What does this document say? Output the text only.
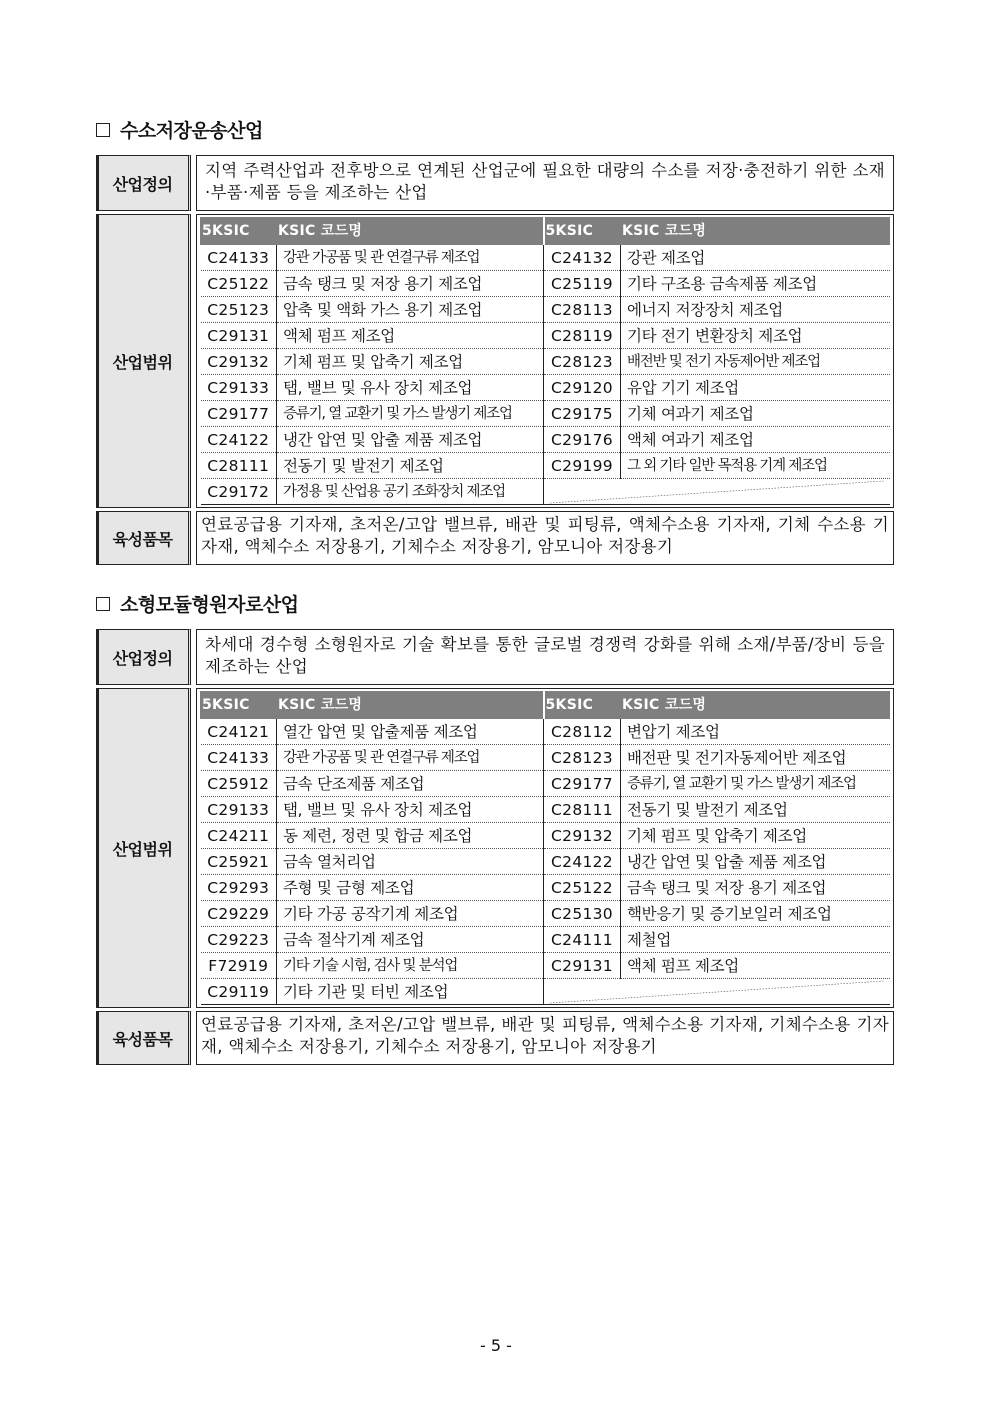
수소저장운송산업
산업정의
지역 주력산업과 전후방으로 연계된 산업군에 필요한 대량의 수소를 저장·충전하기 위한 소재·부품·제품 등을 제조하는 산업
산업범위
5KSIC	KSIC 코드명	5KSIC	KSIC 코드명
C24133	강관 가공품 및 관 연결구류 제조업	C24132	강관 제조업
C25122	금속 탱크 및 저장 용기 제조업	C25119	기타 구조용 금속제품 제조업
C25123	압축 및 액화 가스 용기 제조업	C28113	에너지 저장장치 제조업
C29131	액체 펌프 제조업	C28119	기타 전기 변환장치 제조업
C29132	기체 펌프 및 압축기 제조업	C28123	배전반 및 전기 자동제어반 제조업
C29133	탭, 밸브 및 유사 장치 제조업	C29120	유압 기기 제조업
C29177	증류기, 열 교환기 및 가스 발생기 제조업	C29175	기체 여과기 제조업
C24122	냉간 압연 및 압출 제품 제조업	C29176	액체 여과기 제조업
C28111	전동기 및 발전기 제조업	C29199	그 외 기타 일반 목적용 기계 제조업
C29172	가정용 및 산업용 공기 조화장치 제조업	
육성품목
연료공급용 기자재, 초저온/고압 밸브류, 배관 및 피팅류, 액체수소용 기자재, 기체 수소용 기자재, 액체수소 저장용기, 기체수소 저장용기, 암모니아 저장용기
소형모듈형원자로산업
산업정의
차세대 경수형 소형원자로 기술 확보를 통한 글로벌 경쟁력 강화를 위해 소재/부품/장비 등을 제조하는 산업
산업범위
5KSIC	KSIC 코드명	5KSIC	KSIC 코드명
C24121	열간 압연 및 압출제품 제조업	C28112	변압기 제조업
C24133	강관 가공품 및 관 연결구류 제조업	C28123	배전판 및 전기자동제어반 제조업
C25912	금속 단조제품 제조업	C29177	증류기, 열 교환기 및 가스 발생기 제조업
C29133	탭, 밸브 및 유사 장치 제조업	C28111	전동기 및 발전기 제조업
C24211	동 제련, 정련 및 합금 제조업	C29132	기체 펌프 및 압축기 제조업
C25921	금속 열처리업	C24122	냉간 압연 및 압출 제품 제조업
C29293	주형 및 금형 제조업	C25122	금속 탱크 및 저장 용기 제조업
C29229	기타 가공 공작기계 제조업	C25130	핵반응기 및 증기보일러 제조업
C29223	금속 절삭기계 제조업	C24111	제철업
F72919	기타 기술 시험, 검사 및 분석업	C29131	액체 펌프 제조업
C29119	기타 기관 및 터빈 제조업	
육성품목
연료공급용 기자재, 초저온/고압 밸브류, 배관 및 피팅류, 액체수소용 기자재, 기체수소용 기자재, 액체수소 저장용기, 기체수소 저장용기, 암모니아 저장용기
- 5 -
